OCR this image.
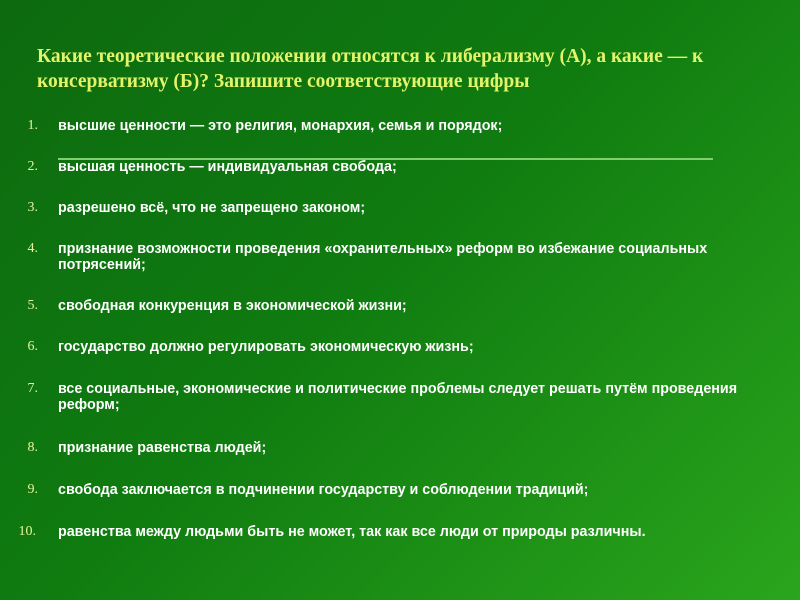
Какие теоретические положении относятся к либерализму (А), а какие — к консерватизму (Б)? Запишите соответствующие цифры
1. высшие ценности — это религия, монархия, семья и порядок;
2. высшая ценность — индивидуальная свобода;
3. разрешено всё, что не запрещено законом;
4. признание возможности проведения «охранительных» реформ во избежание социальных потрясений;
5. свободная конкуренция в экономической жизни;
6. государство должно регулировать экономическую жизнь;
7. все социальные, экономические и политические проблемы следует решать путём проведения реформ;
8. признание равенства людей;
9. свобода заключается в подчинении государству и соблюдении традиций;
10. равенства между людьми быть не может, так как все люди от природы различны.
